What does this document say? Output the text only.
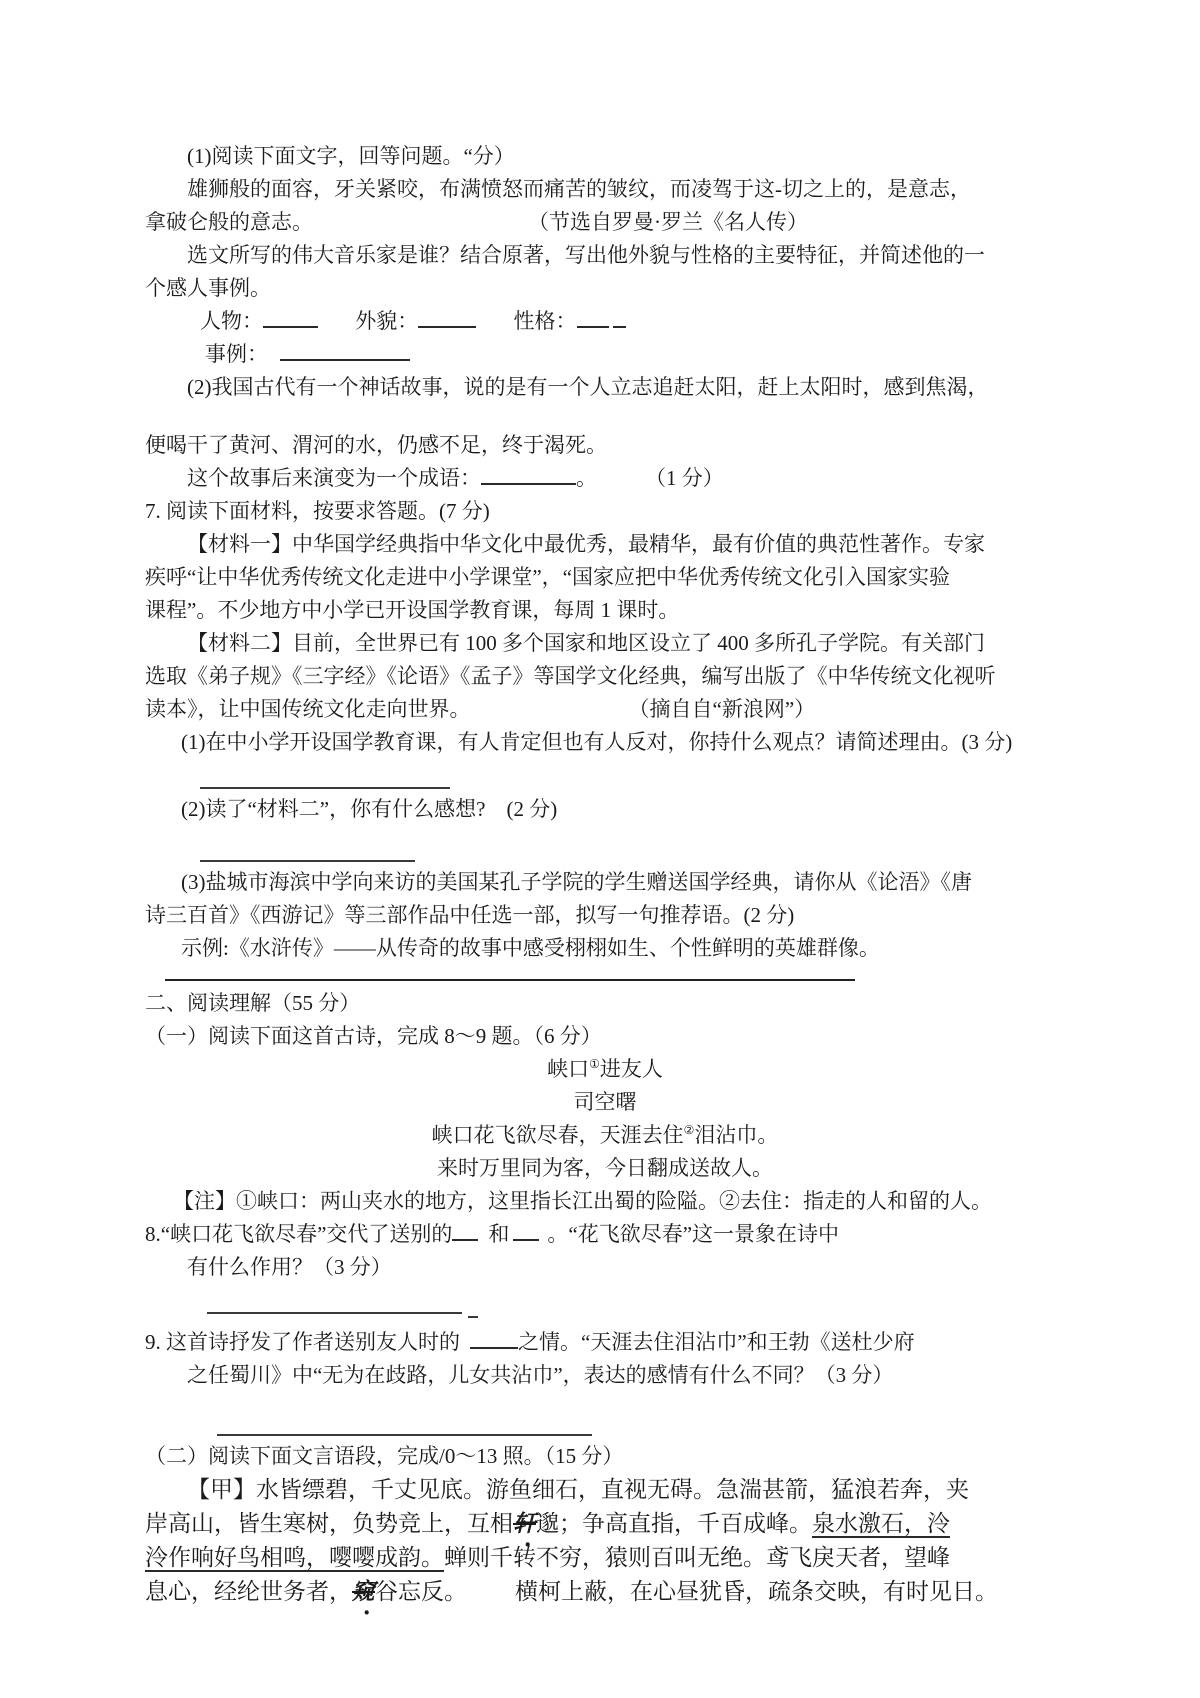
(1)阅读下面文字，回等问题。“分）

雄狮般的面容，牙关紧咬，布满愤怒而痛苦的皱纹，而凌驾于这-切之上的，是意志，

拿破仑般的意志。	（节选自罗曼·罗兰《名人传）

选文所写的伟大音乐家是谁？结合原著，写出他外貌与性格的主要特征，并简述他的一

个感人事例。

人物：	外貌：	性格：

事例：

(2)我国古代有一个神话故事，说的是有一个人立志追赶太阳，赶上太阳时，感到焦渴，

便喝干了黄河、渭河的水，仍感不足，终于渴死。

这个故事后来演变为一个成语：	。 （1 分）

7. 阅读下面材料，按要求答题。(7 分)

【材料一】中华国学经典指中华文化中最优秀，最精华，最有价值的典范性著作。专家

疾呼“让中华优秀传统文化走进中小学课堂”，“国家应把中华优秀传统文化引入国家实验

课程”。不少地方中小学已开设国学教育课，每周 1 课时。

【材料二】目前，全世界已有 100 多个国家和地区设立了 400 多所孔子学院。有关部门

选取《弟子规》《三字经》《论语》《孟子》等国学文化经典，编写出版了《中华传统文化视听

读本》，让中国传统文化走向世界。	（摘自自“新浪网”）

(1)在中小学开设国学教育课，有人肯定但也有人反对，你持什么观点？请简述理由。(3 分)

(2)读了“材料二”，你有什么感想?　(2 分)

(3)盐城市海滨中学向来访的美国某孔子学院的学生赠送国学经典，请你从《论浯》《唐

诗三百首》《西游记》等三部作品中任选一部，拟写一句推荐语。(2 分)

示例:《水浒传》——从传奇的故事中感受栩栩如生、个性鲜明的英雄群像。

二、阅读理解（55 分）

（一）阅读下面这首古诗，完成 8～9 题。（6 分）

峡口①进友人

司空曙

峡口花飞欲尽春，天涯去住②泪沾巾。

来时万里同为客，今日翻成送故人。

【注】①峡口：两山夹水的地方，这里指长江出蜀的险隘。②去住：指走的人和留的人。

8.“峡口花飞欲尽春”交代了送别的 和 。“花飞欲尽春”这一景象在诗中

有什么作用？（3 分）

9. 这首诗抒发了作者送别友人时的	之情。“天涯去住泪沾巾”和王勃《送杜少府

之任蜀川》中“无为在歧路，儿女共沾巾”，表达的感情有什么不同？（3 分）

（二）阅读下面文言语段，完成/0～13 照。（15 分）

【甲】水皆缥碧，千丈见底。游鱼细石，直视无碍。急湍甚箭，猛浪若奔，夹

岸高山，皆生寒树，负势竞上，互相轩邈；争高直指，千百成峰。泉水激石，泠

泠作响好鸟相鸣，嘤嘤成韵。蝉则千转不穷，猿则百叫无绝。鸢飞戾天者，望峰

息心，经纶世务者，窥谷忘反。 横柯上蔽，在心昼犹昏，疏条交映，有时见日。
